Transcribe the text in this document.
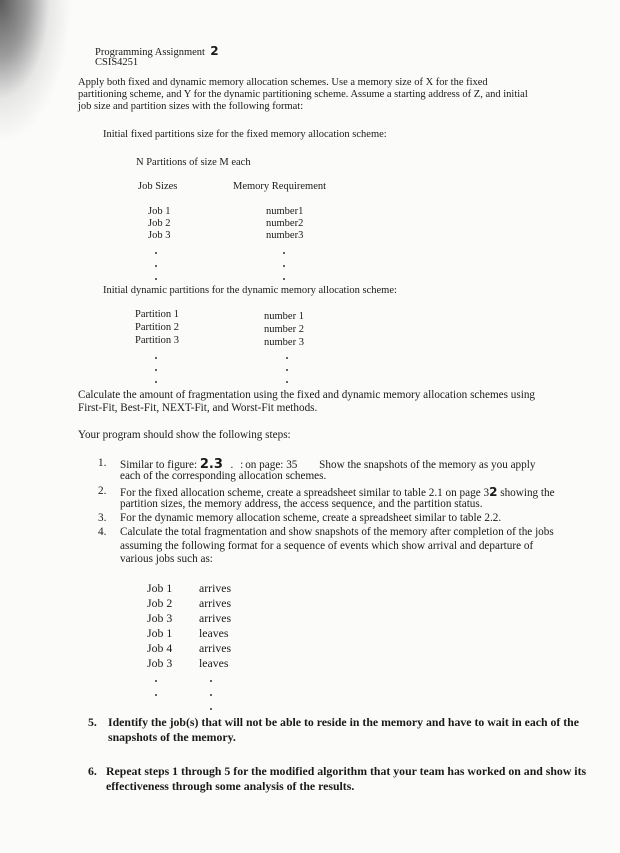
Programming Assignment 2
CSIS4251
Apply both fixed and dynamic memory allocation schemes. Use a memory size of X for the fixed
partitioning scheme, and Y for the dynamic partitioning scheme. Assume a starting address of Z, and initial
job size and partition sizes with the following format:
Initial fixed partitions size for the fixed memory allocation scheme:
N Partitions of size M each
Job Sizes	Memory Requirement
Job 1	number1
Job 2	number2
Job 3	number3
Initial dynamic partitions for the dynamic memory allocation scheme:
Partition 1	number 1
Partition 2	number 2
Partition 3	number 3
Calculate the amount of fragmentation using the fixed and dynamic memory allocation schemes using
First-Fit, Best-Fit, NEXT-Fit, and Worst-Fit methods.
Your program should show the following steps:
1. Similar to figure: 2.3  . :on page: 35 Show the snapshots of the memory as you apply
each of the corresponding allocation schemes.
2. For the fixed allocation scheme, create a spreadsheet similar to table 2.1 on page 32 showing the
partition sizes, the memory address, the access sequence, and the partition status.
3. For the dynamic memory allocation scheme, create a spreadsheet similar to table 2.2.
4. Calculate the total fragmentation and show snapshots of the memory after completion of the jobs
assuming the following format for a sequence of events which show arrival and departure of
various jobs such as:
Job 1 arrives
Job 2 arrives
Job 3 arrives
Job 1 leaves
Job 4 arrives
Job 3 leaves
5. Identify the job(s) that will not be able to reside in the memory and have to wait in each of the
snapshots of the memory.
6. Repeat steps 1 through 5 for the modified algorithm that your team has worked on and show its
effectiveness through some analysis of the results.
